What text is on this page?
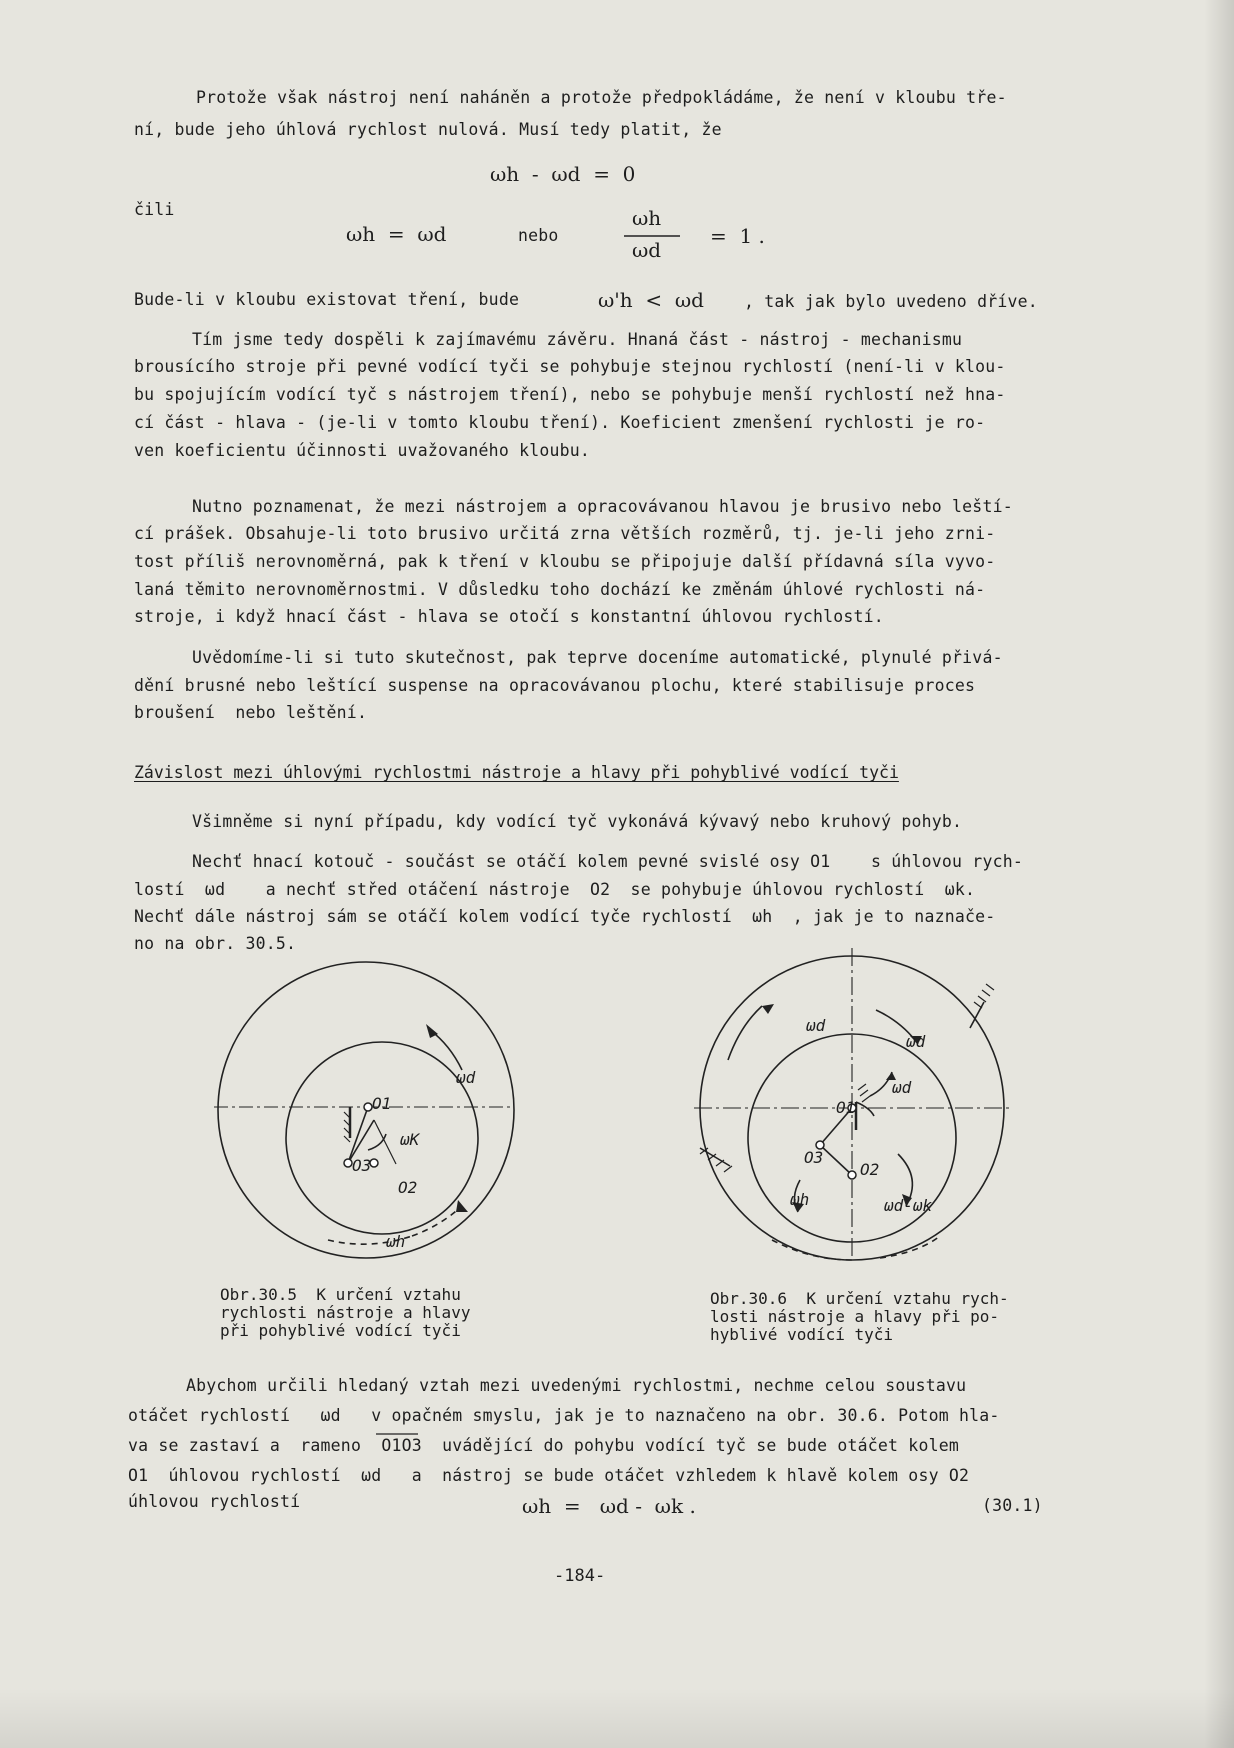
Protože však nástroj není naháněn a protože předpokládáme, že není v kloubu tře-
ní, bude jeho úhlová rychlost nulová. Musí tedy platit, že
ωh  -  ωd  =  0
čili
ωh  =  ωd	nebo
ωh
ωd
=  1 .
Bude-li v kloubu existovat tření, bude	ω'h  <  ωd , tak jak bylo uvedeno dříve.
Tím jsme tedy dospěli k zajímavému závěru. Hnaná část - nástroj - mechanismu
brousícího stroje při pevné vodící tyči se pohybuje stejnou rychlostí (není-li v klou-
bu spojujícím vodící tyč s nástrojem tření), nebo se pohybuje menší rychlostí než hna-
cí část - hlava - (je-li v tomto kloubu tření). Koeficient zmenšení rychlosti je ro-
ven koeficientu účinnosti uvažovaného kloubu.
Nutno poznamenat, že mezi nástrojem a opracovávanou hlavou je brusivo nebo leští-
cí prášek. Obsahuje-li toto brusivo určitá zrna větších rozměrů, tj. je-li jeho zrni-
tost příliš nerovnoměrná, pak k tření v kloubu se připojuje další přídavná síla vyvo-
laná těmito nerovnoměrnostmi. V důsledku toho dochází ke změnám úhlové rychlosti ná-
stroje, i když hnací část - hlava se otočí s konstantní úhlovou rychlostí.
Uvědomíme-li si tuto skutečnost, pak teprve doceníme automatické, plynulé přivá-
dění brusné nebo leštící suspense na opracovávanou plochu, které stabilisuje proces
broušení  nebo leštění.
Závislost mezi úhlovými rychlostmi nástroje a hlavy při pohyblivé vodící tyči
Všimněme si nyní případu, kdy vodící tyč vykonává kývavý nebo kruhový pohyb.
Nechť hnací kotouč - součást se otáčí kolem pevné svislé osy O1    s úhlovou rych-
lostí  ωd    a nechť střed otáčení nástroje  O2  se pohybuje úhlovou rychlostí  ωk.
Nechť dále nástroj sám se otáčí kolem vodící tyče rychlostí  ωh  , jak je to naznače-
no na obr. 30.5.
ωd
O1
ωK
O3
O2
ωh
Obr.30.5  K určení vztahu
rychlosti nástroje a hlavy
při pohyblivé vodící tyči
ωd
ωd
ωd
O1
O3
O2
ωh	ωd-ωk
Obr.30.6  K určení vztahu rych-
losti nástroje a hlavy při po-
hyblivé vodící tyči
Abychom určili hledaný vztah mezi uvedenými rychlostmi, nechme celou soustavu
otáčet rychlostí   ωd   v opačném smyslu, jak je to naznačeno na obr. 30.6. Potom hla-
va se zastaví a  rameno  O1O3  uvádějící do pohybu vodící tyč se bude otáčet kolem
O1  úhlovou rychlostí  ωd   a  nástroj se bude otáčet vzhledem k hlavě kolem osy O2
úhlovou rychlostí	ωh  =   ωd -  ωk .	(30.1)
-184-
